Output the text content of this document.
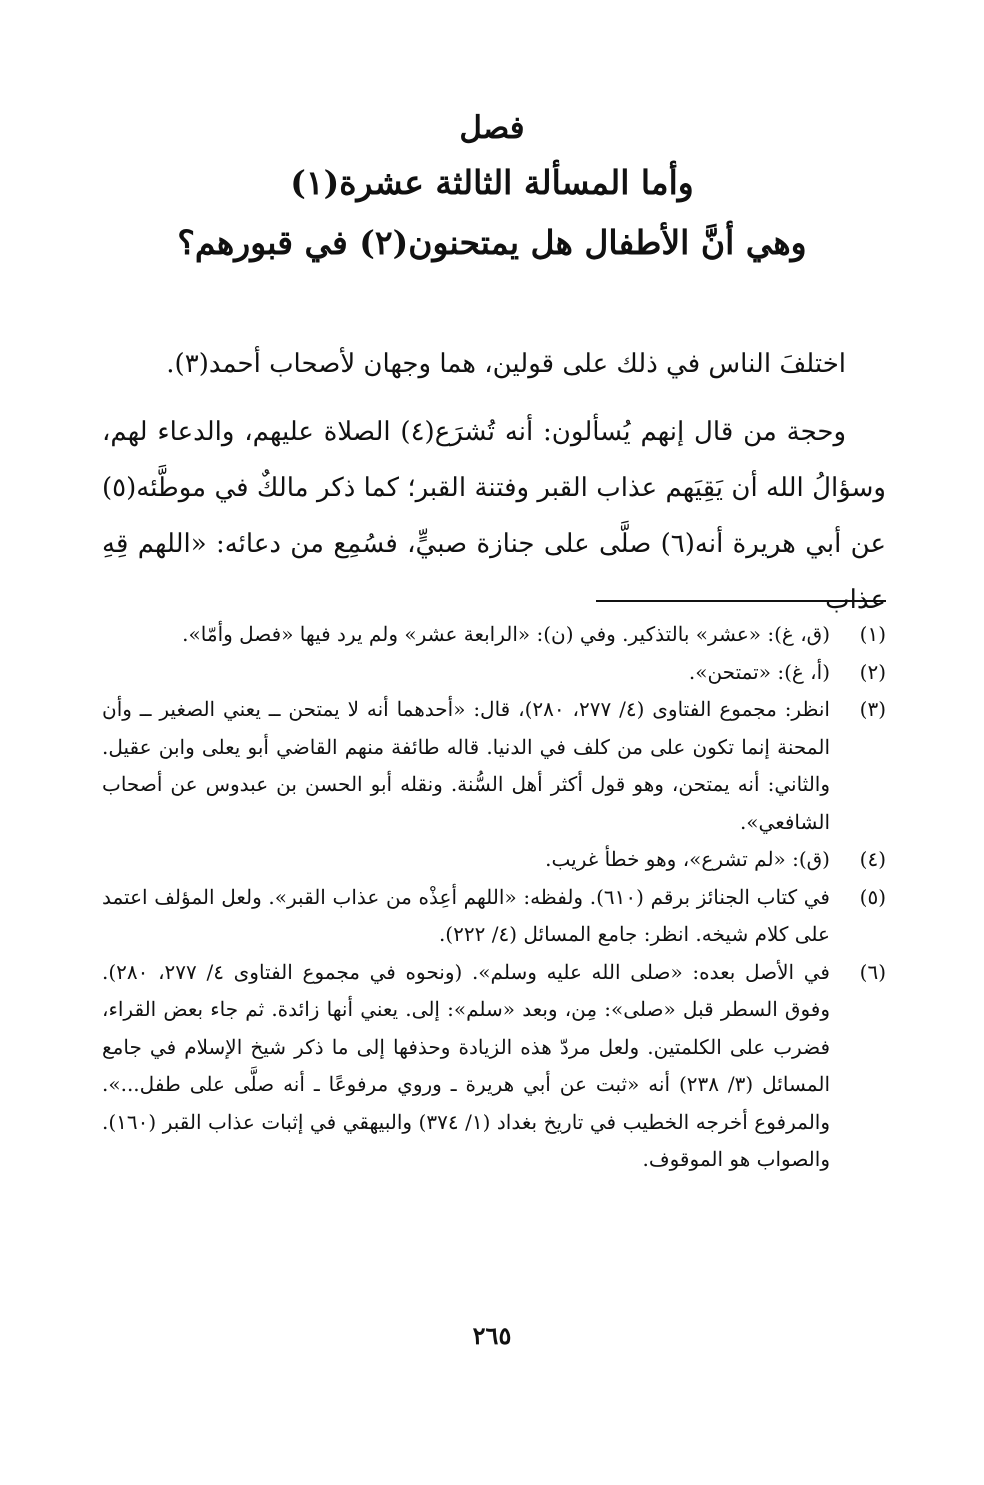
فصل
وأما المسألة الثالثة عشرة(١)
وهي أنَّ الأطفال هل يمتحنون(٢) في قبورهم؟
اختلفَ الناس في ذلك على قولين، هما وجهان لأصحاب أحمد(٣).
وحجة من قال إنهم يُسألون: أنه تُشرَع(٤) الصلاة عليهم، والدعاء لهم، وسؤالُ الله أن يَقِيَهم عذاب القبر وفتنة القبر؛ كما ذكر مالكٌ في موطَّئه(٥) عن أبي هريرة أنه(٦) صلَّى على جنازة صبيٍّ، فسُمِع من دعائه: «اللهم قِهِ عذاب
(١)
(ق، غ): «عشر» بالتذكير. وفي (ن): «الرابعة عشر» ولم يرد فيها «فصل وأمّا».
(٢)
(أ، غ): «تمتحن».
(٣)
انظر: مجموع الفتاوى (٤/ ٢٧٧، ٢٨٠)، قال: «أحدهما أنه لا يمتحن ــ يعني الصغير ــ وأن المحنة إنما تكون على من كلف في الدنيا. قاله طائفة منهم القاضي أبو يعلى وابن عقيل. والثاني: أنه يمتحن، وهو قول أكثر أهل السُّنة. ونقله أبو الحسن بن عبدوس عن أصحاب الشافعي».
(٤)
(ق): «لم تشرع»، وهو خطأ غريب.
(٥)
في كتاب الجنائز برقم (٦١٠). ولفظه: «اللهم أعِذْه من عذاب القبر». ولعل المؤلف اعتمد على كلام شيخه. انظر: جامع المسائل (٤/ ٢٢٢).
(٦)
في الأصل بعده: «صلى الله عليه وسلم». (ونحوه في مجموع الفتاوى ٤/ ٢٧٧، ٢٨٠). وفوق السطر قبل «صلى»: مِن، وبعد «سلم»: إلى. يعني أنها زائدة. ثم جاء بعض القراء، فضرب على الكلمتين. ولعل مردّ هذه الزيادة وحذفها إلى ما ذكر شيخ الإسلام في جامع المسائل (٣/ ٢٣٨) أنه «ثبت عن أبي هريرة ـ وروي مرفوعًا ـ أنه صلَّى على طفل...». والمرفوع أخرجه الخطيب في تاريخ بغداد (١/ ٣٧٤) والبيهقي في إثبات عذاب القبر (١٦٠). والصواب هو الموقوف.
٢٦٥
